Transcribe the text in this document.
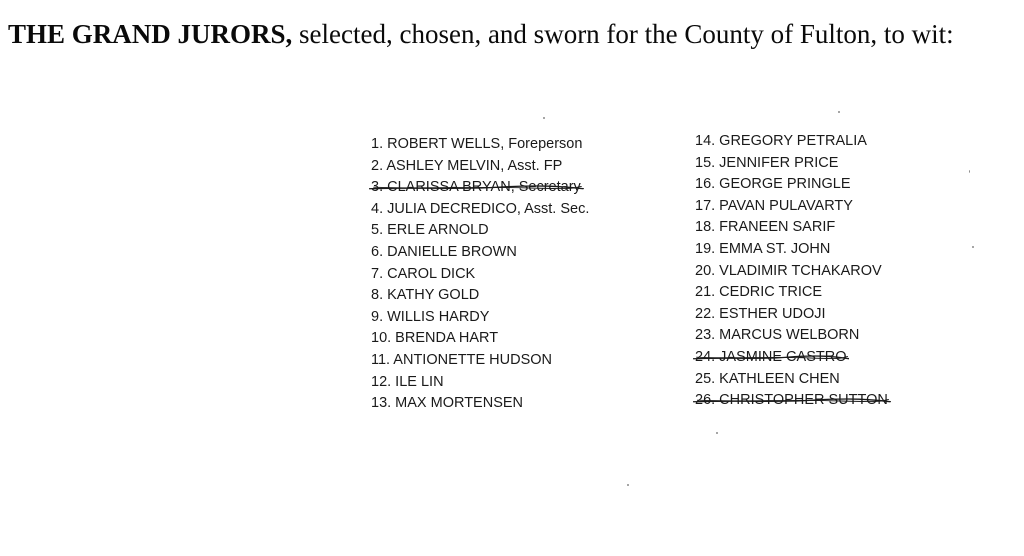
THE GRAND JURORS, selected, chosen, and sworn for the County of Fulton, to wit:
1. ROBERT WELLS, Foreperson
2. ASHLEY MELVIN, Asst. FP
3. CLARISSA BRYAN, Secretary
4. JULIA DECREDICO, Asst. Sec.
5. ERLE ARNOLD
6. DANIELLE BROWN
7. CAROL DICK
8. KATHY GOLD
9. WILLIS HARDY
10. BRENDA HART
11. ANTIONETTE HUDSON
12. ILE LIN
13. MAX MORTENSEN
14. GREGORY PETRALIA
15. JENNIFER PRICE
16. GEORGE PRINGLE
17. PAVAN PULAVARTY
18. FRANEEN SARIF
19. EMMA ST. JOHN
20. VLADIMIR TCHAKAROV
21. CEDRIC TRICE
22. ESTHER UDOJI
23. MARCUS WELBORN
24. JASMINE CASTRO
25. KATHLEEN CHEN
26. CHRISTOPHER SUTTON
